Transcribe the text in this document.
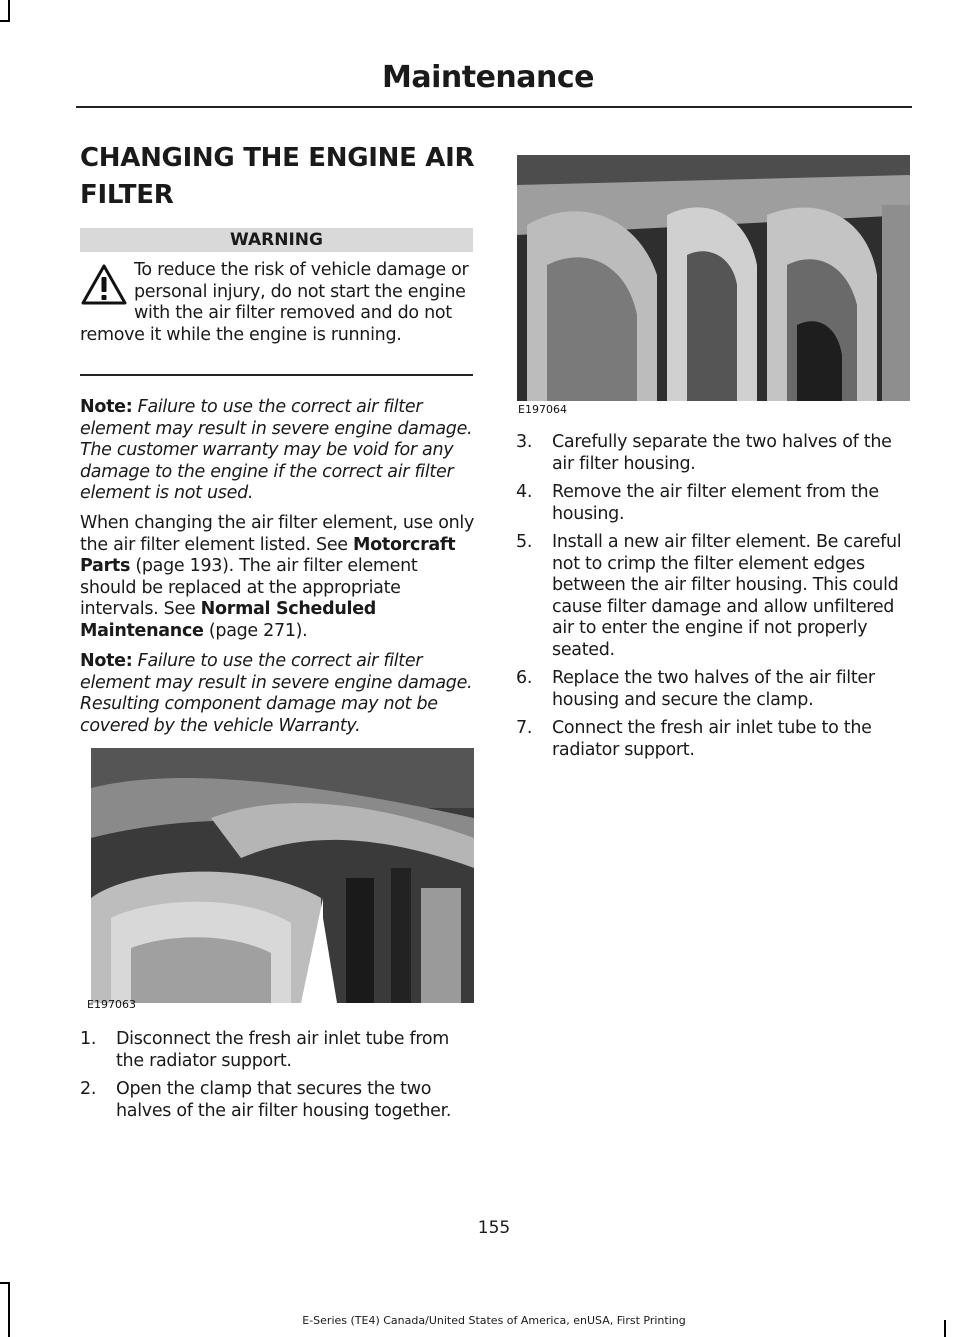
Maintenance
CHANGING THE ENGINE AIR FILTER
WARNING

To reduce the risk of vehicle damage or personal injury, do not start the engine with the air filter removed and do not remove it while the engine is running.

Note: Failure to use the correct air filter element may result in severe engine damage. The customer warranty may be void for any damage to the engine if the correct air filter element is not used.

When changing the air filter element, use only the air filter element listed. See Motorcraft Parts (page 193). The air filter element should be replaced at the appropriate intervals. See Normal Scheduled Maintenance (page 271).

Note: Failure to use the correct air filter element may result in severe engine damage. Resulting component damage may not be covered by the vehicle Warranty.

E197063
1. Disconnect the fresh air inlet tube from the radiator support.
2. Open the clamp that secures the two halves of the air filter housing together.
E197064
3. Carefully separate the two halves of the air filter housing.
4. Remove the air filter element from the housing.
5. Install a new air filter element. Be careful not to crimp the filter element edges between the air filter housing. This could cause filter damage and allow unfiltered air to enter the engine if not properly seated.
6. Replace the two halves of the air filter housing and secure the clamp.
7. Connect the fresh air inlet tube to the radiator support.
155
E-Series (TE4) Canada/United States of America, enUSA, First Printing
